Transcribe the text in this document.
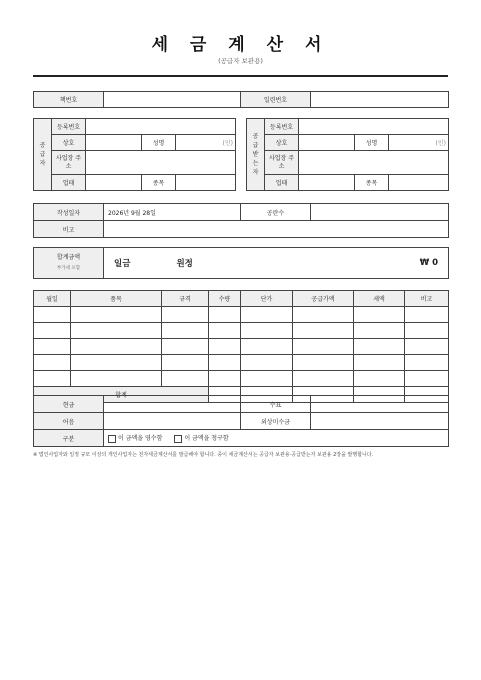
세 금 계 산 서
(공급자 보관용)
책번호		일련번호	
공
급
자	등록번호			
	상호		성명	(인)
	사업장 주소			
	업태		종목	
공
급
받
는
자	등록번호			
	상호		성명	(인)
	사업장 주소			
	업태		종목	
작성일자	2026년 9월 28일	공란수	
비고			
합계금액
부가세 포함	일금	원정	₩ 0
월일	품목	규격	수량	단가	공급가액	세액	비고

합계							
현금		수표	
어음		외상미수금	
구분	이 금액을 영수함 이 금액을 청구함		
※ 법인사업자와 일정 규모 이상의 개인사업자는 전자세금계산서를 발급해야 합니다. 종이 세금계산서는 공급자 보관용·공급받는자 보관용 2장을 발행합니다.
